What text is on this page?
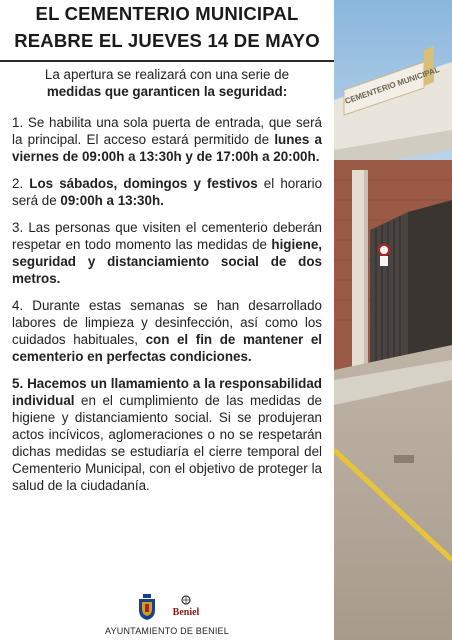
EL CEMENTERIO MUNICIPAL
REABRE EL JUEVES 14 DE MAYO
La apertura se realizará con una serie de
medidas que garanticen la seguridad:
1. Se habilita una sola puerta de entrada, que será la principal. El acceso estará permitido de lunes a viernes de 09:00h a 13:30h y de 17:00h a 20:00h.
2. Los sábados, domingos y festivos el horario será de 09:00h a 13:30h.
3. Las personas que visiten el cementerio deberán respetar en todo momento las medidas de higiene, seguridad y distanciamiento social de dos metros.
4. Durante estas semanas se han desarrollado labores de limpieza y desinfección, así como los cuidados habituales, con el fin de mantener el cementerio en perfectas condiciones.
5. Hacemos un llamamiento a la responsabilidad individual en el cumplimiento de las medidas de higiene y distanciamiento social. Si se produjeran actos incívicos, aglomeraciones o no se respetarán dichas medidas se estudiaría el cierre temporal del Cementerio Municipal, con el objetivo de proteger la salud de la ciudadanía.
Beniel
AYUNTAMIENTO DE BENIEL
CEMENTERIO MUNICIPAL
